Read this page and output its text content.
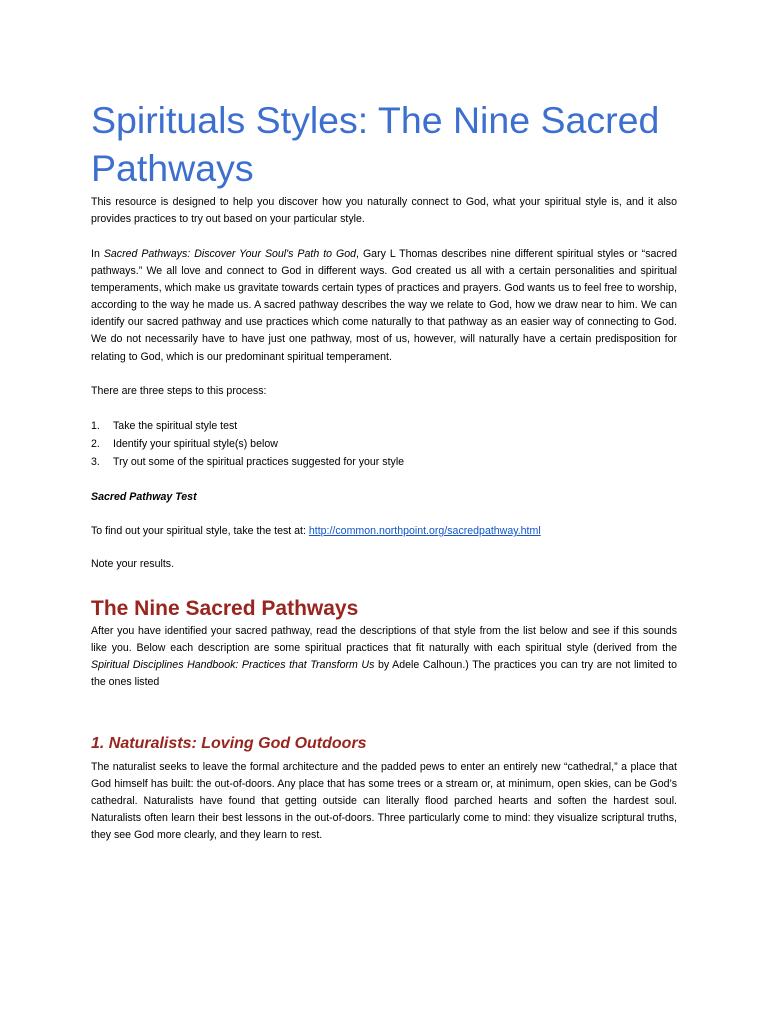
Spirituals Styles: The Nine Sacred Pathways

This resource is designed to help you discover how you naturally connect to God, what your spiritual style is, and it also provides practices to try out based on your particular style.

In Sacred Pathways: Discover Your Soul's Path to God, Gary L Thomas describes nine different spiritual styles or “sacred pathways.” We all love and connect to God in different ways. God created us all with a certain personalities and spiritual temperaments, which make us gravitate towards certain types of practices and prayers. God wants us to feel free to worship, according to the way he made us. A sacred pathway describes the way we relate to God, how we draw near to him. We can identify our sacred pathway and use practices which come naturally to that pathway as an easier way of connecting to God. We do not necessarily have to have just one pathway, most of us, however, will naturally have a certain predisposition for relating to God, which is our predominant spiritual temperament.

There are three steps to this process:

1. Take the spiritual style test
2. Identify your spiritual style(s) below
3. Try out some of the spiritual practices suggested for your style

Sacred Pathway Test

To find out your spiritual style, take the test at: http://common.northpoint.org/sacredpathway.html

Note your results.

The Nine Sacred Pathways

After you have identified your sacred pathway, read the descriptions of that style from the list below and see if this sounds like you. Below each description are some spiritual practices that fit naturally with each spiritual style (derived from the Spiritual Disciplines Handbook: Practices that Transform Us by Adele Calhoun.) The practices you can try are not limited to the ones listed

1. Naturalists: Loving God Outdoors

The naturalist seeks to leave the formal architecture and the padded pews to enter an entirely new “cathedral,” a place that God himself has built: the out-of-doors. Any place that has some trees or a stream or, at minimum, open skies, can be God’s cathedral. Naturalists have found that getting outside can literally flood parched hearts and soften the hardest soul. Naturalists often learn their best lessons in the out-of-doors. Three particularly come to mind: they visualize scriptural truths, they see God more clearly, and they learn to rest.
